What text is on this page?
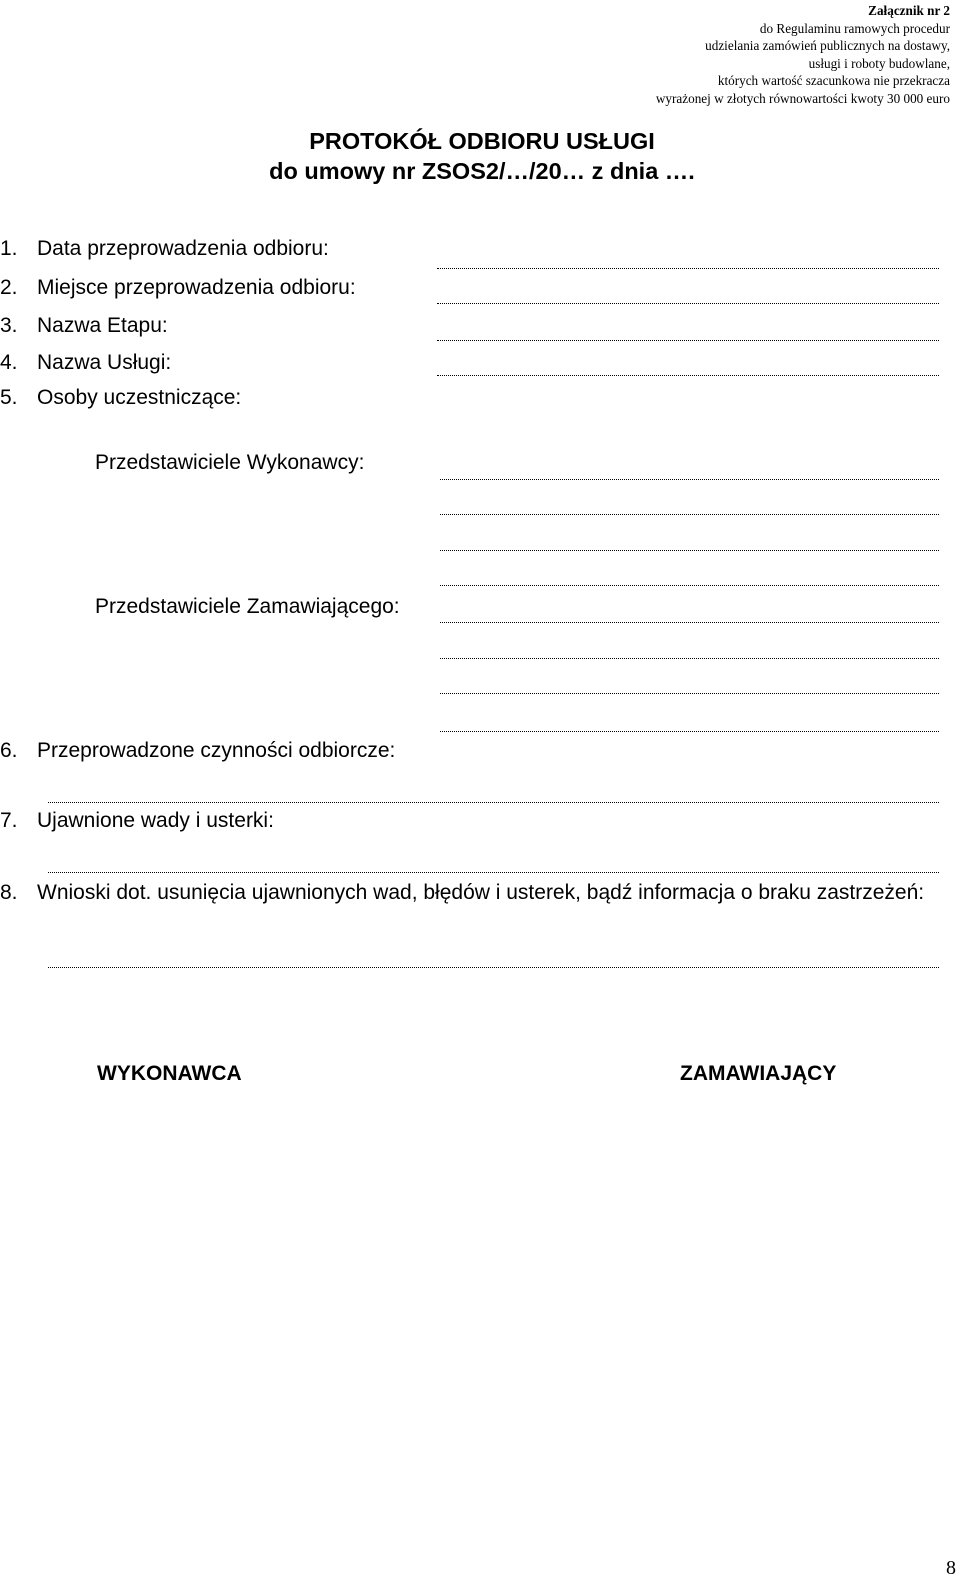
Załącznik nr 2
do Regulaminu ramowych procedur
udzielania zamówień publicznych na dostawy,
usługi i roboty budowlane,
których wartość szacunkowa nie przekracza
wyrażonej w złotych równowartości kwoty 30 000 euro
PROTOKÓŁ ODBIORU USŁUGI
do umowy nr ZSOS2/…/20… z dnia ….
1. Data przeprowadzenia odbioru:
2. Miejsce przeprowadzenia odbioru:
3. Nazwa Etapu:
4. Nazwa Usługi:
5. Osoby uczestniczące:
Przedstawiciele Wykonawcy:
Przedstawiciele Zamawiającego:
6. Przeprowadzone czynności odbiorcze:
7. Ujawnione wady i usterki:
8. Wnioski dot. usunięcia ujawnionych wad, błędów i usterek, bądź informacja o braku zastrzeżeń:
WYKONAWCA	ZAMAWIAJĄCY
8
